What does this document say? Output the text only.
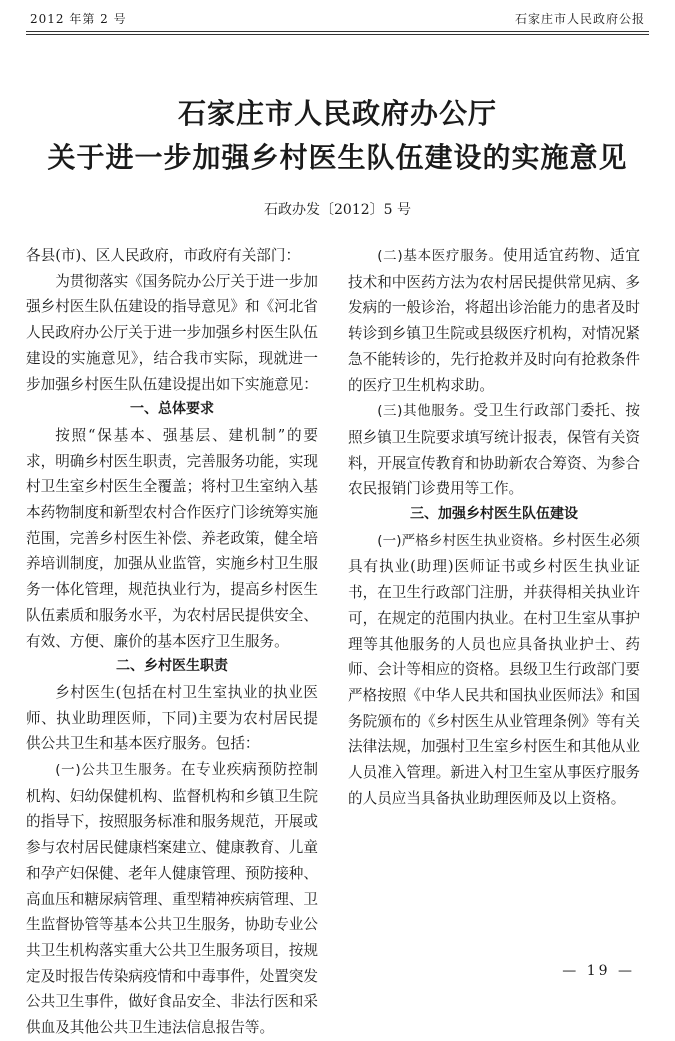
2012 年第 2 号	石家庄市人民政府公报
石家庄市人民政府办公厅
关于进一步加强乡村医生队伍建设的实施意见
石政办发〔2012〕5 号

各县(市)、区人民政府，市政府有关部门：

为贯彻落实《国务院办公厅关于进一步加强乡村医生队伍建设的指导意见》和《河北省人民政府办公厅关于进一步加强乡村医生队伍建设的实施意见》，结合我市实际，现就进一步加强乡村医生队伍建设提出如下实施意见：

一、总体要求

按照“保基本、强基层、建机制”的要求，明确乡村医生职责，完善服务功能，实现村卫生室乡村医生全覆盖；将村卫生室纳入基本药物制度和新型农村合作医疗门诊统筹实施范围，完善乡村医生补偿、养老政策，健全培养培训制度，加强从业监管，实施乡村卫生服务一体化管理，规范执业行为，提高乡村医生队伍素质和服务水平，为农村居民提供安全、有效、方便、廉价的基本医疗卫生服务。

二、乡村医生职责

乡村医生(包括在村卫生室执业的执业医师、执业助理医师，下同)主要为农村居民提供公共卫生和基本医疗服务。包括：

(一)公共卫生服务。在专业疾病预防控制机构、妇幼保健机构、监督机构和乡镇卫生院的指导下，按照服务标准和服务规范，开展或参与农村居民健康档案建立、健康教育、儿童和孕产妇保健、老年人健康管理、预防接种、高血压和糖尿病管理、重型精神疾病管理、卫生监督协管等基本公共卫生服务，协助专业公共卫生机构落实重大公共卫生服务项目，按规定及时报告传染病疫情和中毒事件，处置突发公共卫生事件，做好食品安全、非法行医和采供血及其他公共卫生违法信息报告等。

(二)基本医疗服务。使用适宜药物、适宜技术和中医药方法为农村居民提供常见病、多发病的一般诊治，将超出诊治能力的患者及时转诊到乡镇卫生院或县级医疗机构，对情况紧急不能转诊的，先行抢救并及时向有抢救条件的医疗卫生机构求助。

(三)其他服务。受卫生行政部门委托、按照乡镇卫生院要求填写统计报表，保管有关资料，开展宣传教育和协助新农合筹资、为参合农民报销门诊费用等工作。

三、加强乡村医生队伍建设

(一)严格乡村医生执业资格。乡村医生必须具有执业(助理)医师证书或乡村医生执业证书，在卫生行政部门注册，并获得相关执业许可，在规定的范围内执业。在村卫生室从事护理等其他服务的人员也应具备执业护士、药师、会计等相应的资格。县级卫生行政部门要严格按照《中华人民共和国执业医师法》和国务院颁布的《乡村医生从业管理条例》等有关法律法规，加强村卫生室乡村医生和其他从业人员准入管理。新进入村卫生室从事医疗服务的人员应当具备执业助理医师及以上资格。

— 19 —
